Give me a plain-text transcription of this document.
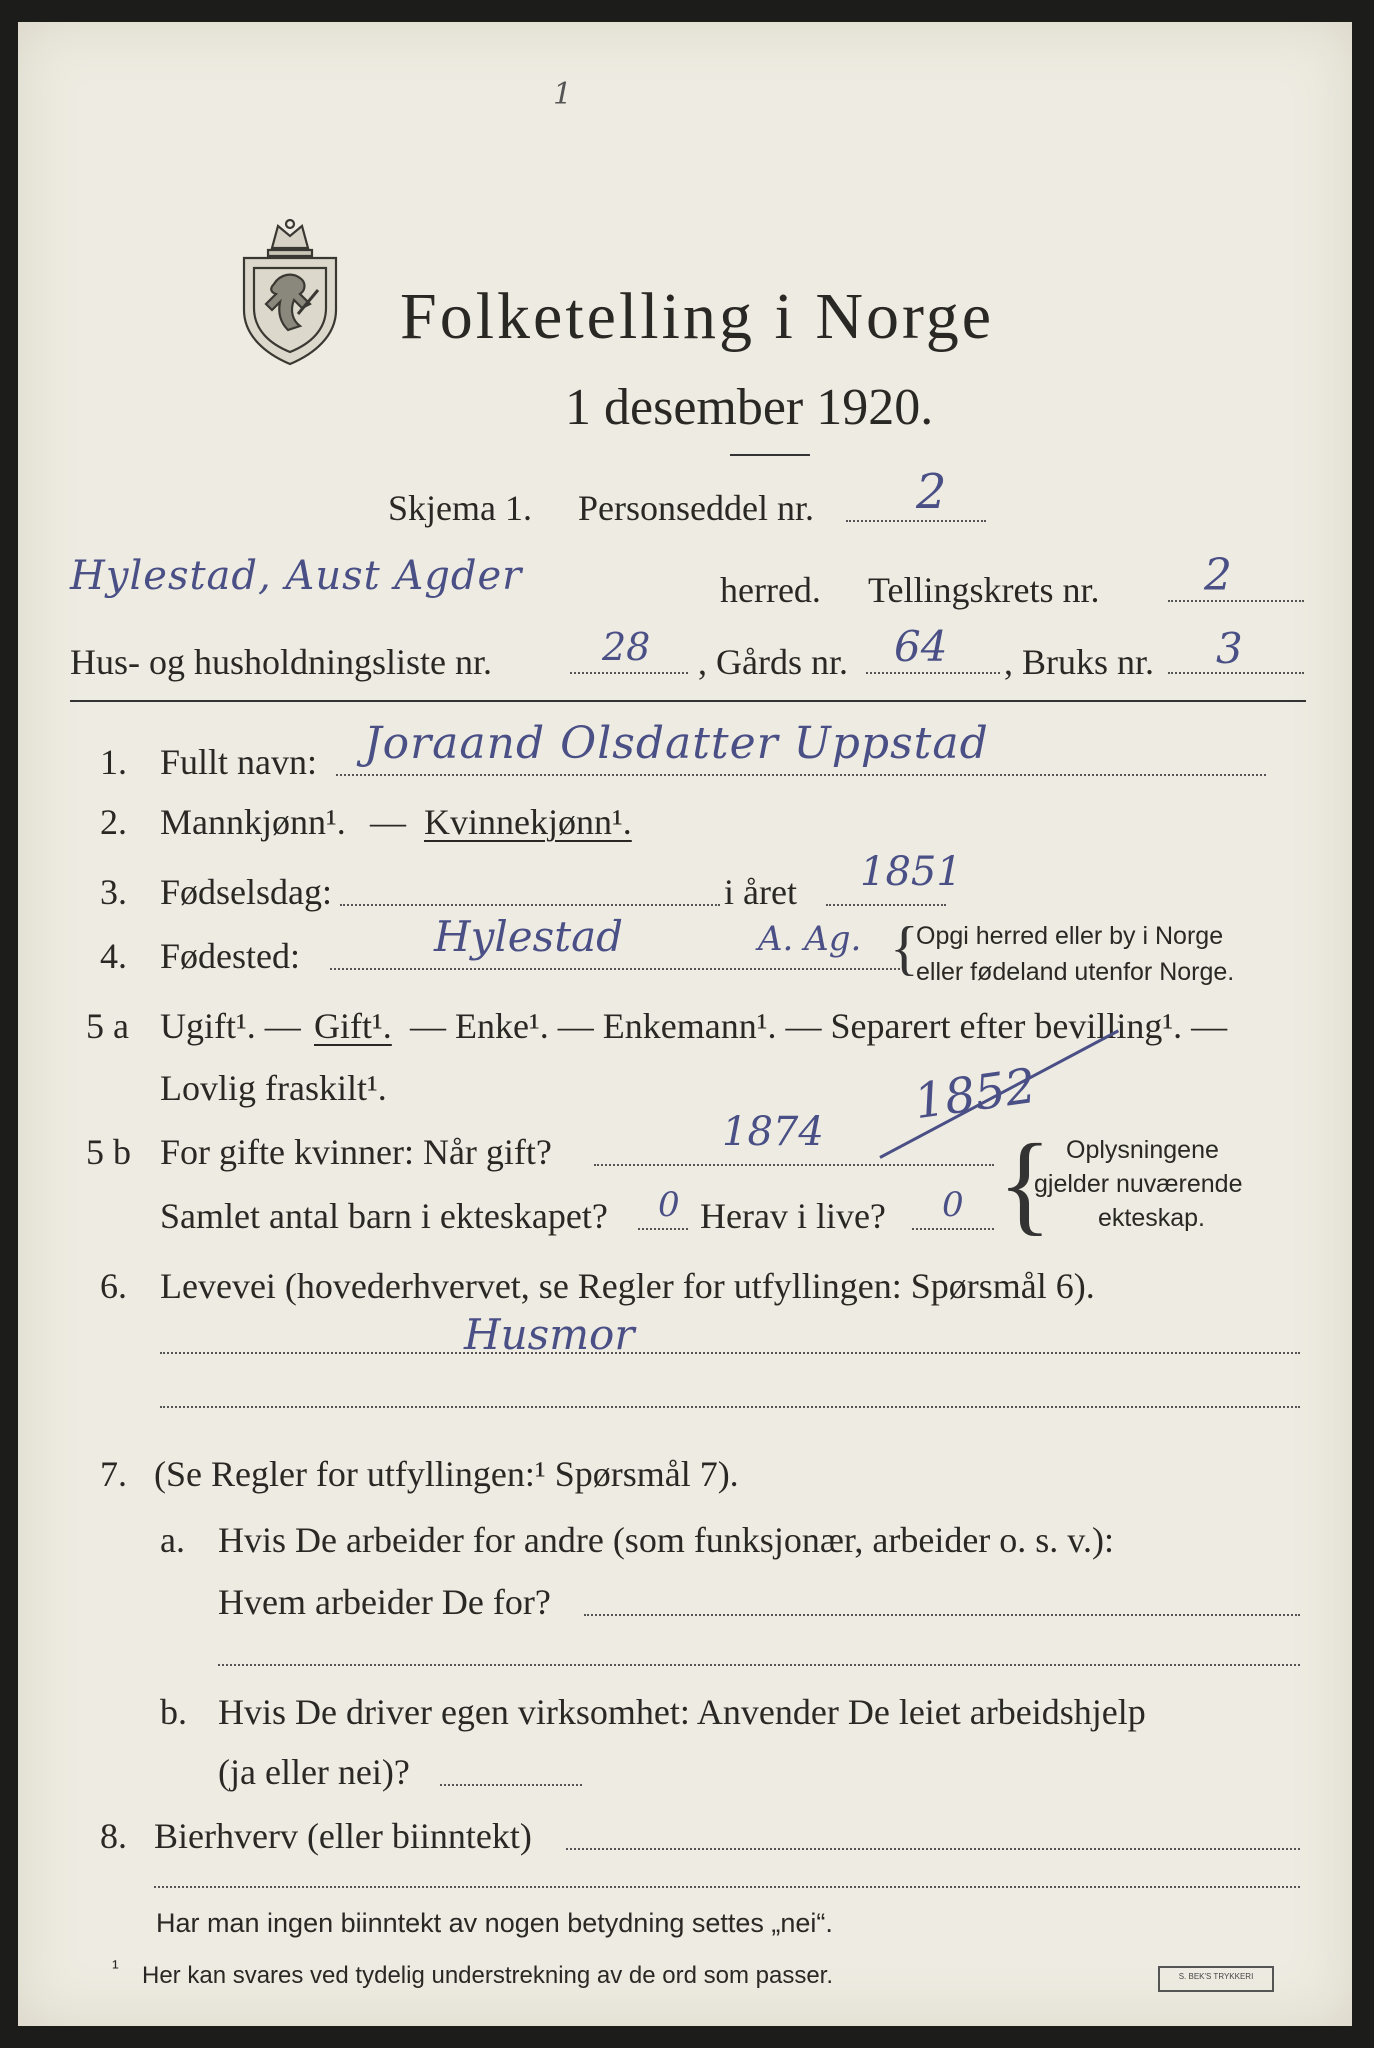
1
Folketelling i Norge
1 desember 1920.
Skjema 1. Personseddel nr. 2
Hylestad, Aust Agder	herred. Tellingskrets nr. 2
Hus- og husholdningsliste nr.	28 , Gårds nr. 64 , Bruks nr. 3
1. Fullt navn: Joraand Olsdatter Uppstad
2. Mannkjønn¹. — Kvinnekjønn¹.
3. Fødselsdag:	i året 1851
4. Fødested:	Hylestad	A. Ag. {
Opgi herred eller by i Norge
eller fødeland utenfor Norge.
5 a Ugift¹. — Gift¹. — Enke¹. — Enkemann¹. — Separert efter bevilling¹. —
Lovlig fraskilt¹.
5 b For gifte kvinner: Når gift?	1874
1852
Samlet antal barn i ekteskapet? 0 Herav i live? 0 { Oplysningene
gjelder nuværende
ekteskap.
6. Levevei (hovederhvervet, se Regler for utfyllingen: Spørsmål 6).
Husmor
7. (Se Regler for utfyllingen:¹ Spørsmål 7).
a. Hvis De arbeider for andre (som funksjonær, arbeider o. s. v.):
Hvem arbeider De for?
b. Hvis De driver egen virksomhet: Anvender De leiet arbeidshjelp
(ja eller nei)?
8. Bierhverv (eller biinntekt)
Har man ingen biinntekt av nogen betydning settes „nei“.
¹ Her kan svares ved tydelig understrekning av de ord som passer.	S. BEK'S TRYKKERI
